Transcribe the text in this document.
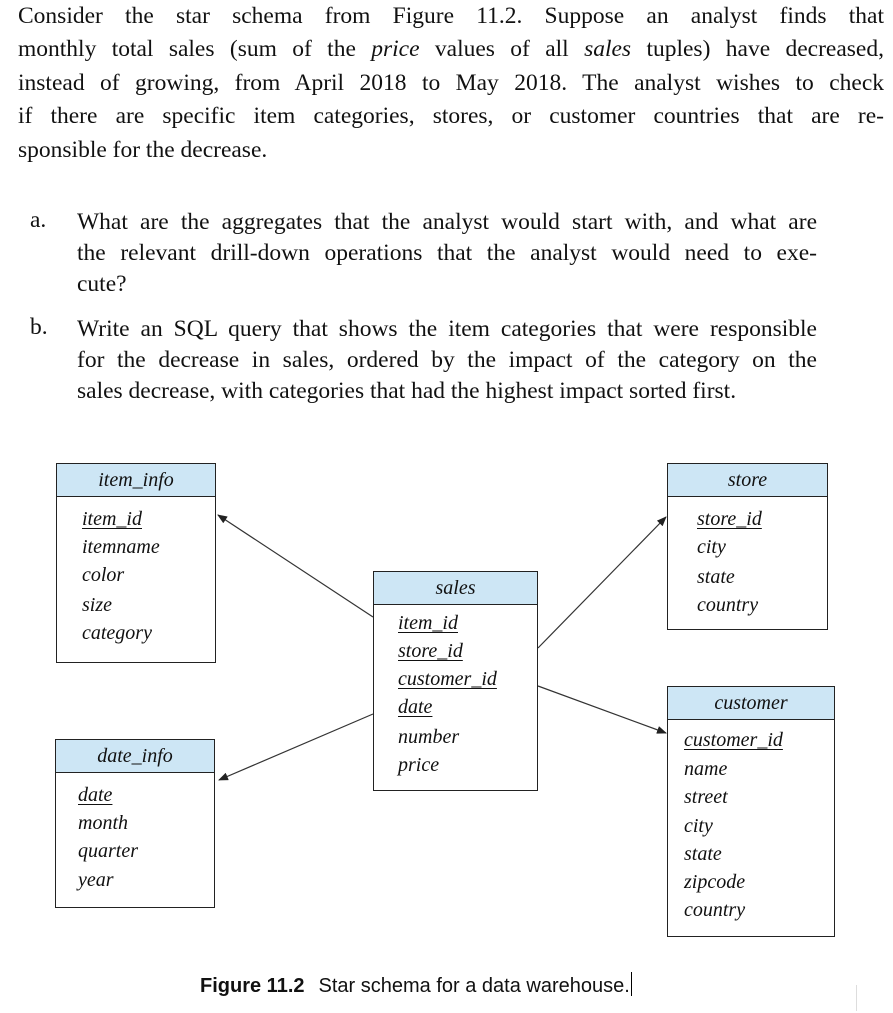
Consider the star schema from Figure 11.2. Suppose an analyst finds that
monthly total sales (sum of the price values of all sales tuples) have decreased,
instead of growing, from April 2018 to May 2018. The analyst wishes to check
if there are specific item categories, stores, or customer countries that are re-
sponsible for the decrease.
a. What are the aggregates that the analyst would start with, and what are
the relevant drill-down operations that the analyst would need to exe-
cute?
b. Write an SQL query that shows the item categories that were responsible
for the decrease in sales, ordered by the impact of the category on the
sales decrease, with categories that had the highest impact sorted first.
item_info
item_id
itemname
color
size
category
store
store_id
city
state
country
sales
item_id
store_id
customer_id
date
number
price
date_info
date
month
quarter
year
customer
customer_id
name
street
city
state
zipcode
country
Figure 11.2 Star schema for a data warehouse.
